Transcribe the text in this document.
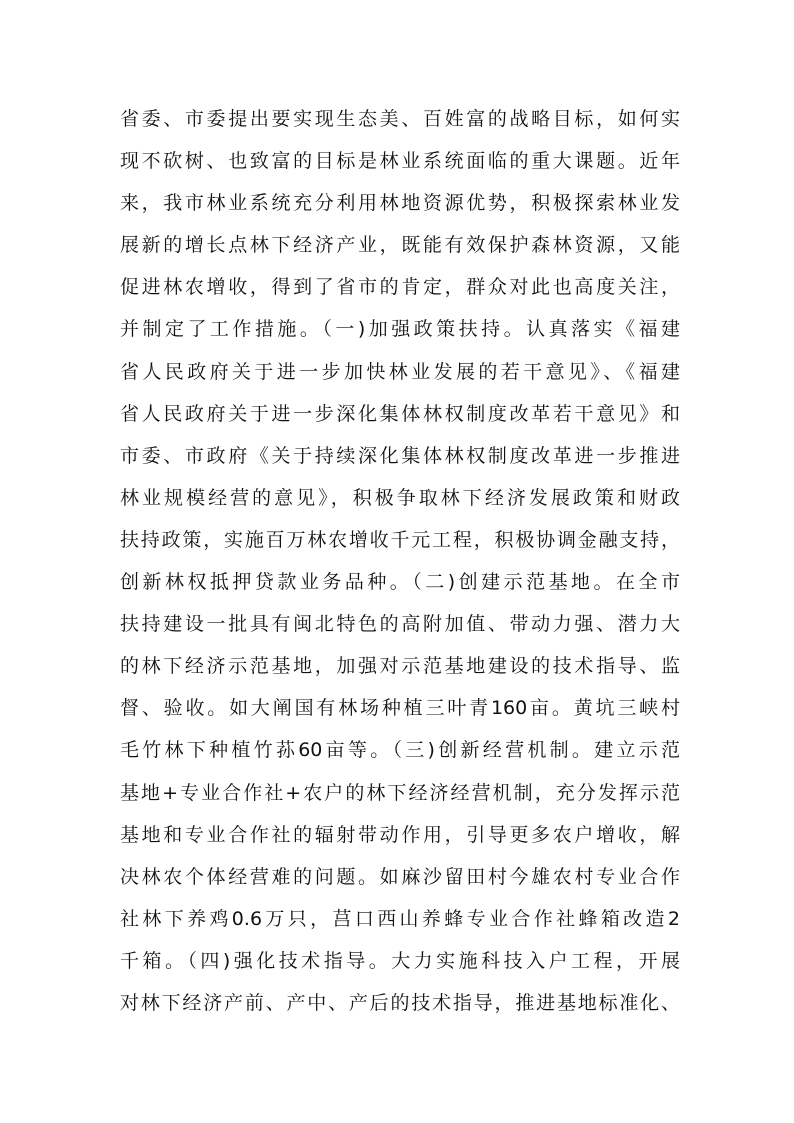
省委、市委提出要实现生态美、百姓富的战略目标，如何实
现不砍树、也致富的目标是林业系统面临的重大课题。近年
来，我市林业系统充分利用林地资源优势，积极探索林业发
展新的增长点林下经济产业，既能有效保护森林资源，又能
促进林农增收，得到了省市的肯定，群众对此也高度关注，
并制定了工作措施。（一)加强政策扶持。认真落实《福建
省人民政府关于进一步加快林业发展的若干意见》、《福建
省人民政府关于进一步深化集体林权制度改革若干意见》和
市委、市政府《关于持续深化集体林权制度改革进一步推进
林业规模经营的意见》，积极争取林下经济发展政策和财政
扶持政策，实施百万林农增收千元工程，积极协调金融支持，
创新林权抵押贷款业务品种。（二)创建示范基地。在全市
扶持建设一批具有闽北特色的高附加值、带动力强、潜力大
的林下经济示范基地，加强对示范基地建设的技术指导、监
督、验收。如大阐国有林场种植三叶青160亩。黄坑三峡村
毛竹林下种植竹荪60亩等。（三)创新经营机制。建立示范
基地+专业合作社+农户的林下经济经营机制，充分发挥示范
基地和专业合作社的辐射带动作用，引导更多农户增收，解
决林农个体经营难的问题。如麻沙留田村今雄农村专业合作
社林下养鸡0.6万只，莒口西山养蜂专业合作社蜂箱改造2
千箱。（四)强化技术指导。大力实施科技入户工程，开展
对林下经济产前、产中、产后的技术指导，推进基地标准化、
